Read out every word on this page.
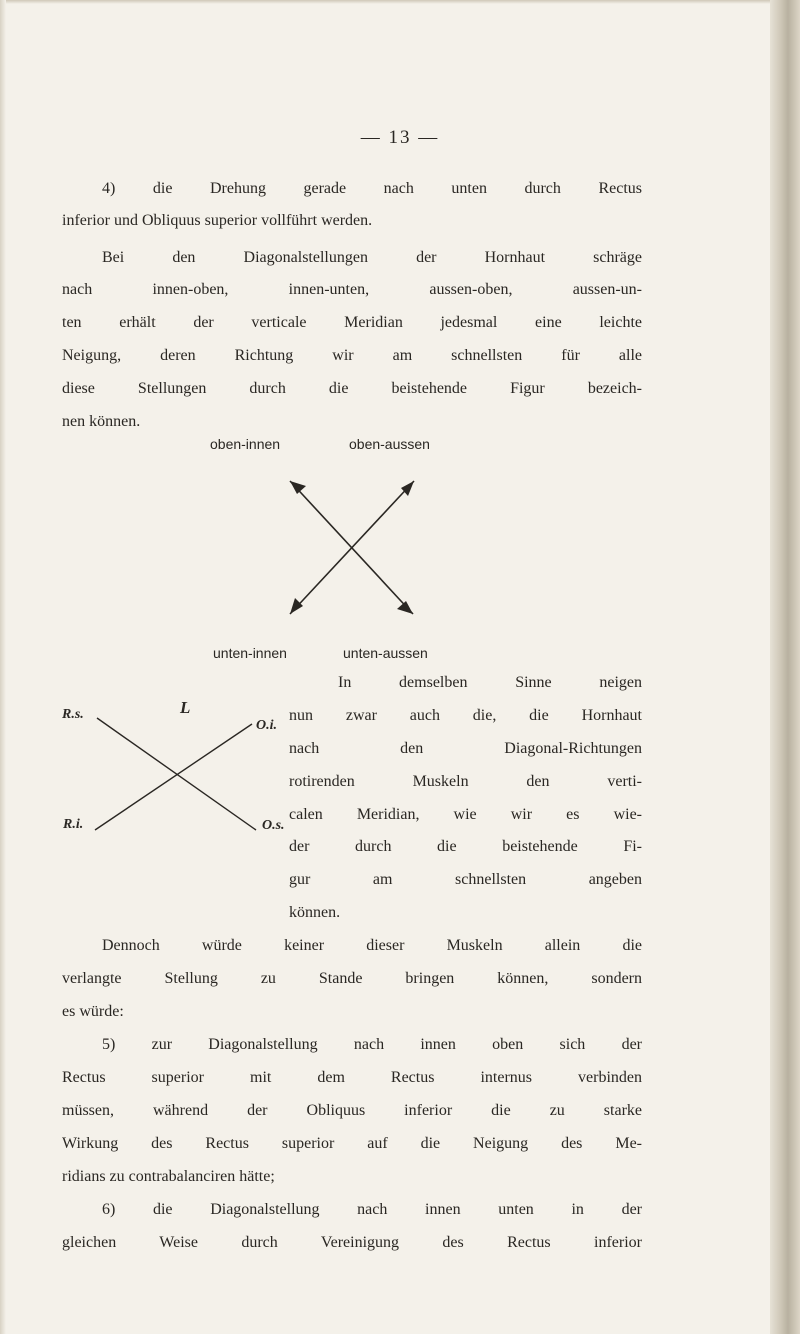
— 13 —
4) die Drehung gerade nach unten durch Rectus
inferior und Obliquus superior vollführt werden.
Bei den Diagonalstellungen der Hornhaut schräge
nach innen-oben, innen-unten, aussen-oben, aussen-un-
ten erhält der verticale Meridian jedesmal eine leichte
Neigung, deren Richtung wir am schnellsten für alle
diese Stellungen durch die beistehende Figur bezeich-
nen können.
oben-innen	oben-aussen
unten-innen	unten-aussen
R.s.	L
O.i.
R.i.	O.s.
In demselben Sinne neigen
nun zwar auch die, die Hornhaut
nach den Diagonal-Richtungen
rotirenden Muskeln den verti-
calen Meridian, wie wir es wie-
der durch die beistehende Fi-
gur am schnellsten angeben
können.
Dennoch würde keiner dieser Muskeln allein die
verlangte Stellung zu Stande bringen können, sondern
es würde:
5) zur Diagonalstellung nach innen oben sich der
Rectus superior mit dem Rectus internus verbinden
müssen, während der Obliquus inferior die zu starke
Wirkung des Rectus superior auf die Neigung des Me-
ridians zu contrabalanciren hätte;
6) die Diagonalstellung nach innen unten in der
gleichen Weise durch Vereinigung des Rectus inferior
